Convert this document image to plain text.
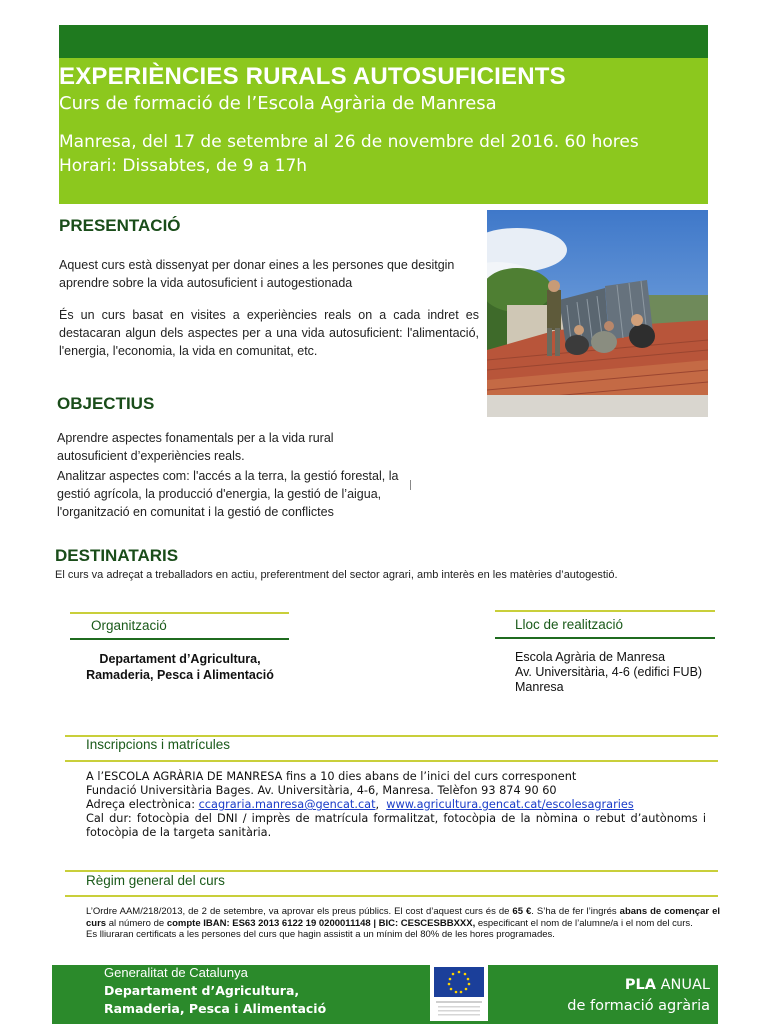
EXPERIÈNCIES RURALS AUTOSUFICIENTS
Curs de formació de l’Escola Agrària de Manresa
Manresa, del 17 de setembre al 26 de novembre del 2016. 60 hores
Horari: Dissabtes, de 9 a 17h
PRESENTACIÓ
Aquest curs està dissenyat per donar eines a les persones que desitgin aprendre sobre la vida autosuficient i autogestionada
És un curs basat en visites a experiències reals on a cada indret es destacaran algun dels aspectes per a una vida autosuficient: l'alimentació, l'energia, l'economia, la vida en comunitat, etc.
OBJECTIUS
Aprendre aspectes fonamentals per a la vida rural autosuficient d’experiències reals.
Analitzar aspectes com: l'accés a la terra, la gestió forestal, la gestió agrícola, la producció d'energia, la gestió de l’aigua, l'organització en comunitat i la gestió de conflictes
DESTINATARIS
El curs va adreçat a treballadors en actiu, preferentment del sector agrari, amb interès en les matèries d’autogestió.
Organització
Departament d’Agricultura,
Ramaderia, Pesca i Alimentació
Lloc de realització
Escola Agrària de Manresa
Av. Universitària, 4-6 (edifici FUB)
Manresa
Inscripcions i matrícules
A l’ESCOLA AGRÀRIA DE MANRESA fins a 10 dies abans de l’inici del curs corresponent
Fundació Universitària Bages. Av. Universitària, 4-6, Manresa. Telèfon 93 874 90 60
Adreça electrònica: ccagraria.manresa@gencat.cat,  www.agricultura.gencat.cat/escolesagraries
Cal dur: fotocòpia del DNI / imprès de matrícula formalitzat, fotocòpia de la nòmina o rebut d’autònoms i fotocòpia de la targeta sanitària.
Règim general del curs
L’Ordre AAM/218/2013, de 2 de setembre, va aprovar els preus públics. El cost d’aquest curs és de 65 €. S’ha de fer l’ingrés abans de començar el curs al número de compte IBAN: ES63 2013 6122 19 0200011148 | BIC: CESCESBBXXX, especificant el nom de l’alumne/a i el nom del curs.
Es lliuraran certificats a les persones del curs que hagin assistit a un mínim del 80% de les hores programades.
Generalitat de Catalunya
Departament d’Agricultura,
Ramaderia, Pesca i Alimentació
PLA ANUAL
de formació agrària
